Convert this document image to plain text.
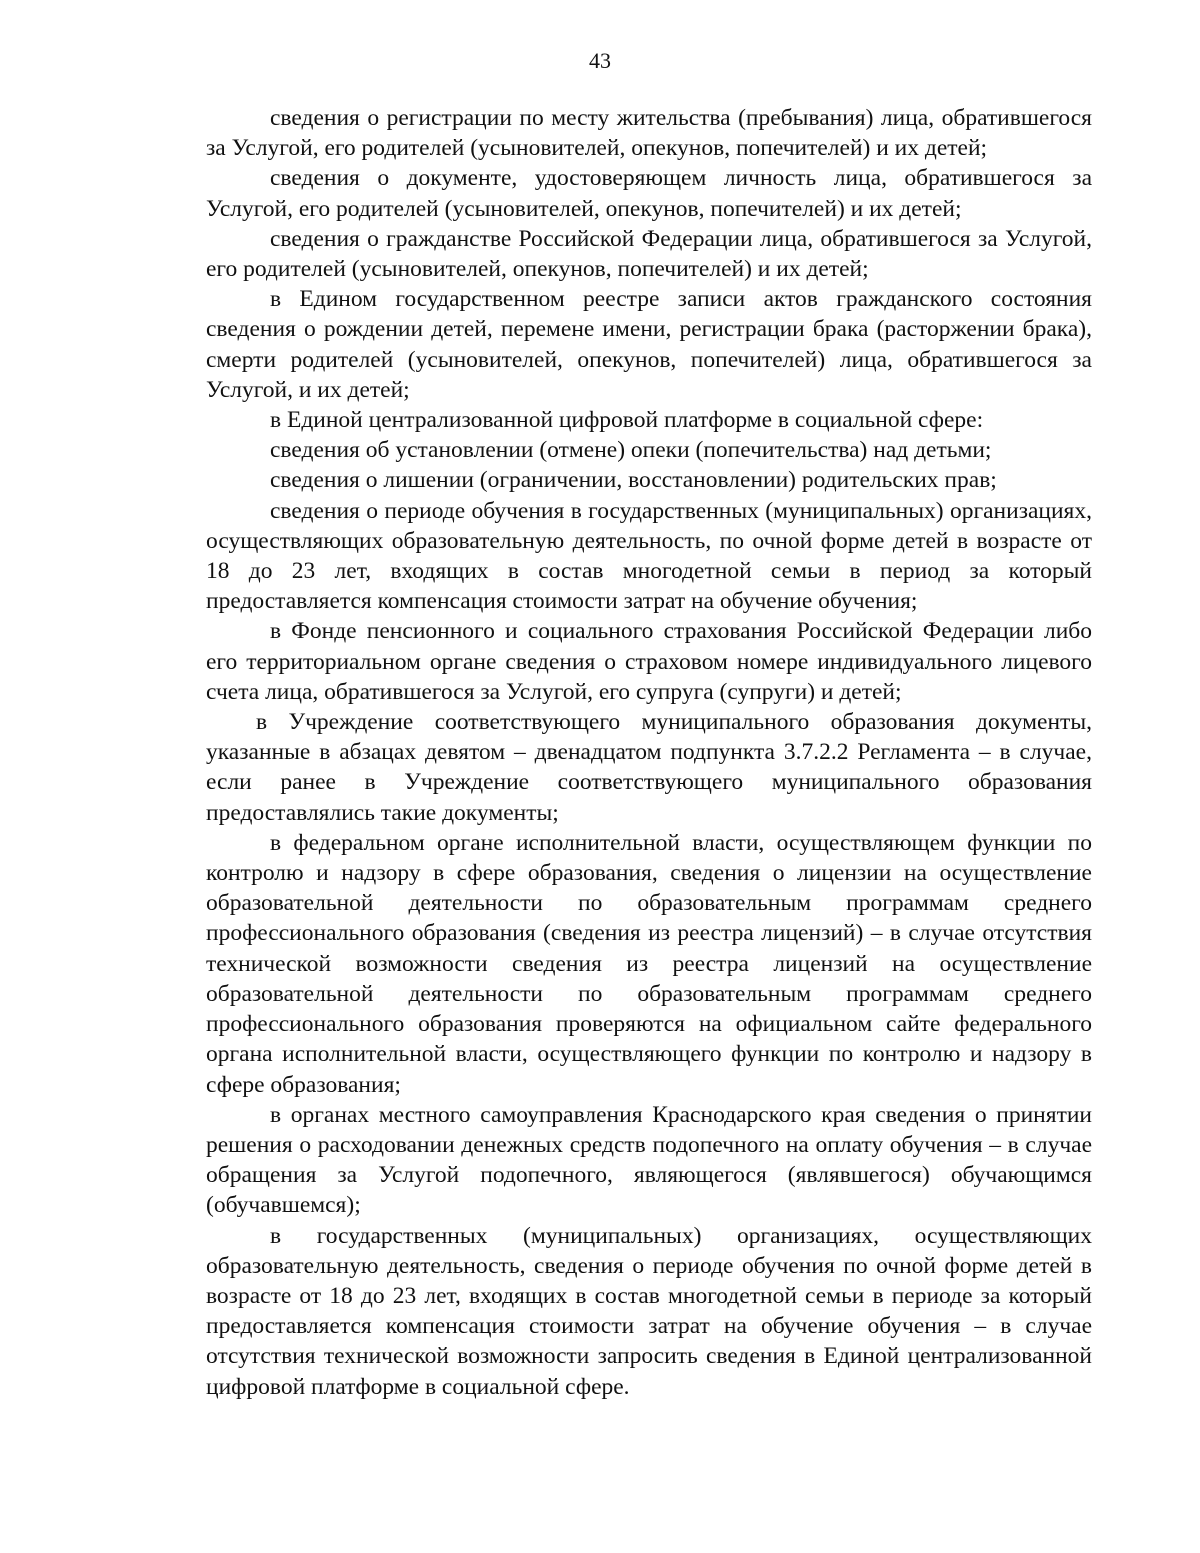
43

сведения о регистрации по месту жительства (пребывания) лица, обратившегося за Услугой, его родителей (усыновителей, опекунов, попечителей) и их детей;

сведения о документе, удостоверяющем личность лица, обратившегося за Услугой, его родителей (усыновителей, опекунов, попечителей) и их детей;

сведения о гражданстве Российской Федерации лица, обратившегося за Услугой, его родителей (усыновителей, опекунов, попечителей) и их детей;

в Едином государственном реестре записи актов гражданского состояния сведения о рождении детей, перемене имени, регистрации брака (расторжении брака), смерти родителей (усыновителей, опекунов, попечителей) лица, обратившегося за Услугой, и их детей;

в Единой централизованной цифровой платформе в социальной сфере:

сведения об установлении (отмене) опеки (попечительства) над детьми;

сведения о лишении (ограничении, восстановлении) родительских прав;

сведения о периоде обучения в государственных (муниципальных) организациях, осуществляющих образовательную деятельность, по очной форме детей в возрасте от 18 до 23 лет, входящих в состав многодетной семьи в период за который предоставляется компенсация стоимости затрат на обучение обучения;

в Фонде пенсионного и социального страхования Российской Федерации либо его территориальном органе сведения о страховом номере индивидуального лицевого счета лица, обратившегося за Услугой, его супруга (супруги) и детей;

в Учреждение соответствующего муниципального образования документы, указанные в абзацах девятом – двенадцатом подпункта 3.7.2.2 Регламента – в случае, если ранее в Учреждение соответствующего муниципального образования предоставлялись такие документы;

в федеральном органе исполнительной власти, осуществляющем функции по контролю и надзору в сфере образования, сведения о лицензии на осуществление образовательной деятельности по образовательным программам среднего профессионального образования (сведения из реестра лицензий) – в случае отсутствия технической возможности сведения из реестра лицензий на осуществление образовательной деятельности по образовательным программам среднего профессионального образования проверяются на официальном сайте федерального органа исполнительной власти, осуществляющего функции по контролю и надзору в сфере образования;

в органах местного самоуправления Краснодарского края сведения о принятии решения о расходовании денежных средств подопечного на оплату обучения – в случае обращения за Услугой подопечного, являющегося (являвшегося) обучающимся (обучавшемся);

в государственных (муниципальных) организациях, осуществляющих образовательную деятельность, сведения о периоде обучения по очной форме детей в возрасте от 18 до 23 лет, входящих в состав многодетной семьи в периоде за который предоставляется компенсация стоимости затрат на обучение обучения – в случае отсутствия технической возможности запросить сведения в Единой централизованной цифровой платформе в социальной сфере.
